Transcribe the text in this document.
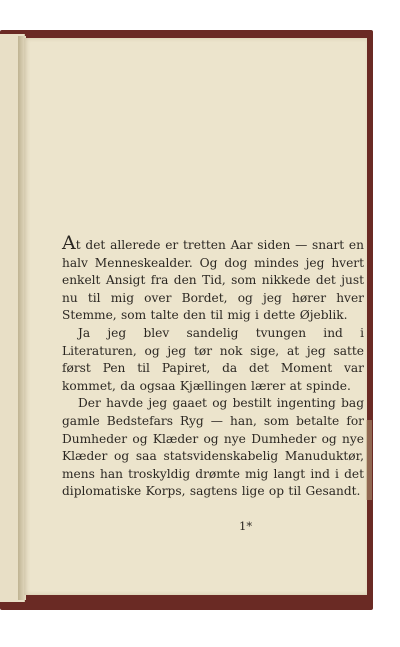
At det allerede er tretten Aar siden — snart en halv Menneskealder. Og dog mindes jeg hvert enkelt Ansigt fra den Tid, som nikkede det just nu til mig over Bordet, og jeg hører hver Stemme, som talte den til mig i dette Øjeblik.

Ja jeg blev sandelig tvungen ind i Literaturen, og jeg tør nok sige, at jeg satte først Pen til Papiret, da det Moment var kommet, da ogsaa Kjællingen lærer at spinde.

Der havde jeg gaaet og bestilt ingenting bag gamle Bedstefars Ryg — han, som betalte for Dumheder og Klæder og nye Dumheder og nye Klæder og saa statsvidenskabelig Manuduktør, mens han troskyldig drømte mig langt ind i det diplomatiske Korps, sagtens lige op til Gesandt.

1*
